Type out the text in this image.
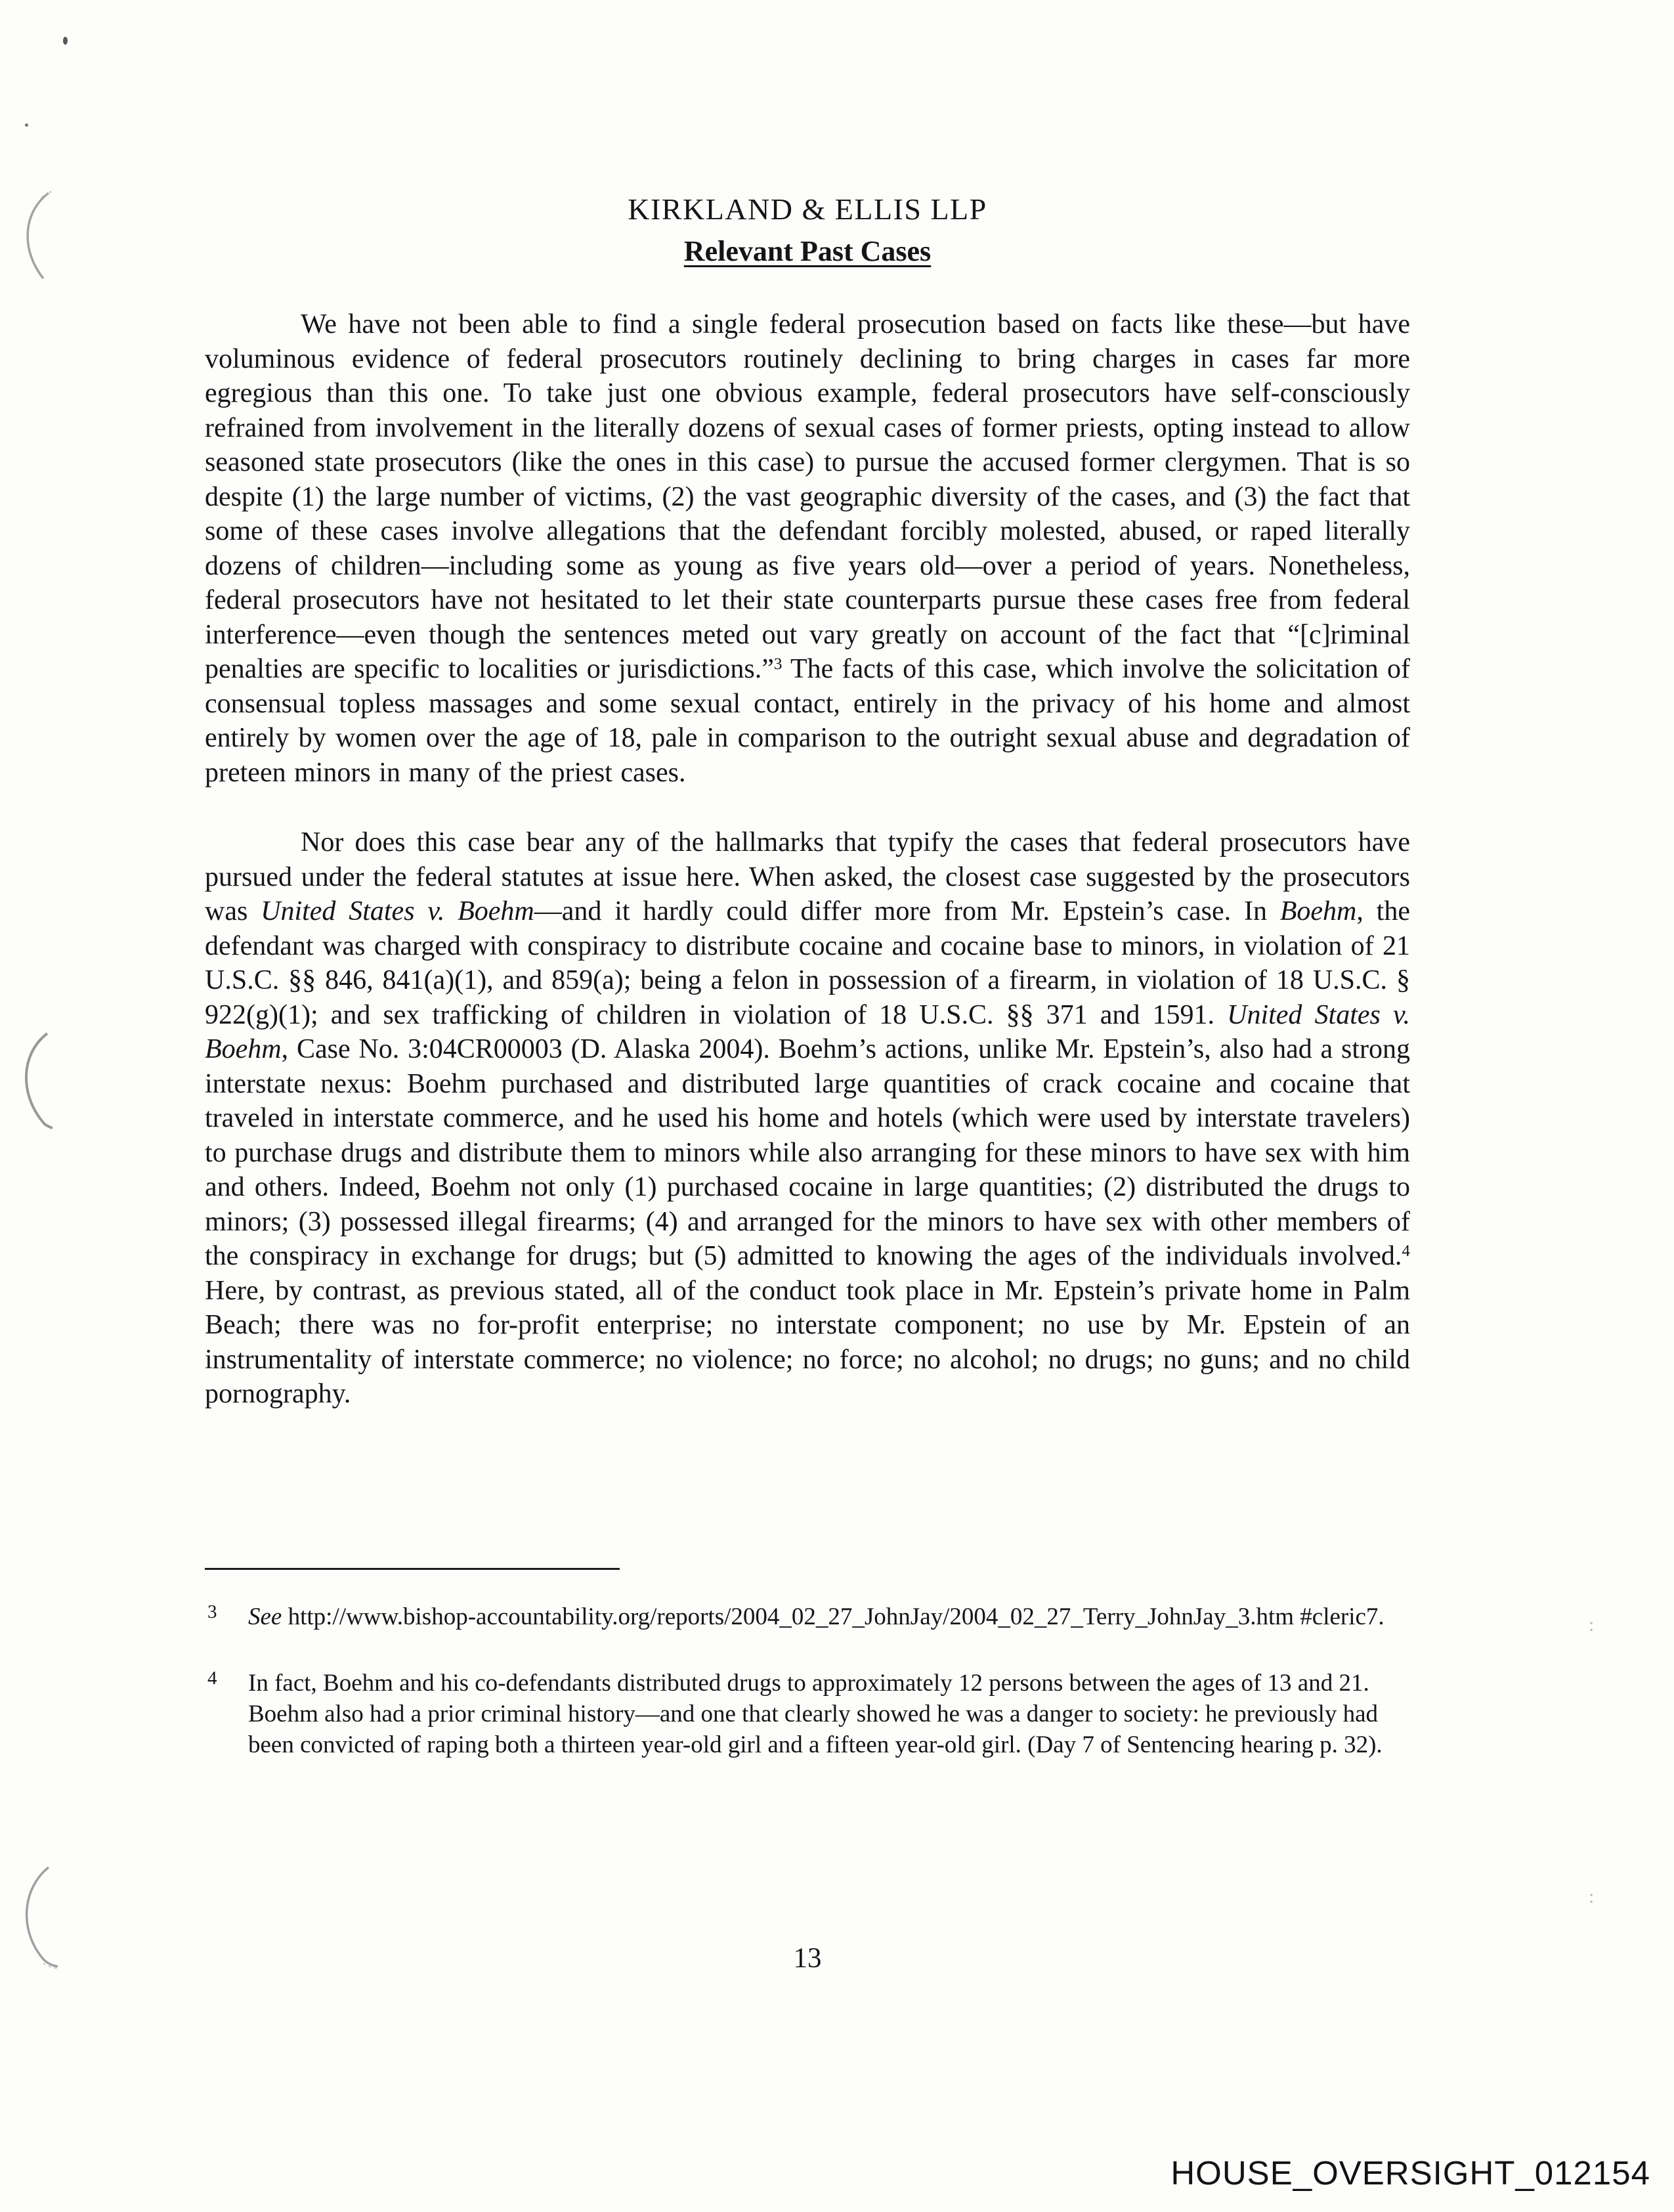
:
:
KIRKLAND & ELLIS LLP
Relevant Past Cases

We have not been able to find a single federal prosecution based on facts like these—but have voluminous evidence of federal prosecutors routinely declining to bring charges in cases far more egregious than this one. To take just one obvious example, federal prosecutors have self-consciously refrained from involvement in the literally dozens of sexual cases of former priests, opting instead to allow seasoned state prosecutors (like the ones in this case) to pursue the accused former clergymen. That is so despite (1) the large number of victims, (2) the vast geographic diversity of the cases, and (3) the fact that some of these cases involve allegations that the defendant forcibly molested, abused, or raped literally dozens of children—including some as young as five years old—over a period of years. Nonetheless, federal prosecutors have not hesitated to let their state counterparts pursue these cases free from federal interference—even though the sentences meted out vary greatly on account of the fact that “[c]riminal penalties are specific to localities or jurisdictions.”$^3$ The facts of this case, which involve the solicitation of consensual topless massages and some sexual contact, entirely in the privacy of his home and almost entirely by women over the age of 18, pale in comparison to the outright sexual abuse and degradation of preteen minors in many of the priest cases.

Nor does this case bear any of the hallmarks that typify the cases that federal prosecutors have pursued under the federal statutes at issue here. When asked, the closest case suggested by the prosecutors was United States v. Boehm—and it hardly could differ more from Mr. Epstein’s case. In Boehm, the defendant was charged with conspiracy to distribute cocaine and cocaine base to minors, in violation of 21 U.S.C. §§ 846, 841(a)(1), and 859(a); being a felon in possession of a firearm, in violation of 18 U.S.C. § 922(g)(1); and sex trafficking of children in violation of 18 U.S.C. §§ 371 and 1591. United States v. Boehm, Case No. 3:04CR00003 (D. Alaska 2004). Boehm’s actions, unlike Mr. Epstein’s, also had a strong interstate nexus: Boehm purchased and distributed large quantities of crack cocaine and cocaine that traveled in interstate commerce, and he used his home and hotels (which were used by interstate travelers) to purchase drugs and distribute them to minors while also arranging for these minors to have sex with him and others. Indeed, Boehm not only (1) purchased cocaine in large quantities; (2) distributed the drugs to minors; (3) possessed illegal firearms; (4) and arranged for the minors to have sex with other members of the conspiracy in exchange for drugs; but (5) admitted to knowing the ages of the individuals involved.$^4$ Here, by contrast, as previous stated, all of the conduct took place in Mr. Epstein’s private home in Palm Beach; there was no for-profit enterprise; no interstate component; no use by Mr. Epstein of an instrumentality of interstate commerce; no violence; no force; no alcohol; no drugs; no guns; and no child pornography.

3	See http://www.bishop-accountability.org/reports/2004_02_27_JohnJay/2004_02_27_Terry_JohnJay_3.htm #cleric7.
4	In fact, Boehm and his co-defendants distributed drugs to approximately 12 persons between the ages of 13 and 21. Boehm also had a prior criminal history—and one that clearly showed he was a danger to society: he previously had been convicted of raping both a thirteen year-old girl and a fifteen year-old girl. (Day 7 of Sentencing hearing p. 32).
13
HOUSE_OVERSIGHT_012154
